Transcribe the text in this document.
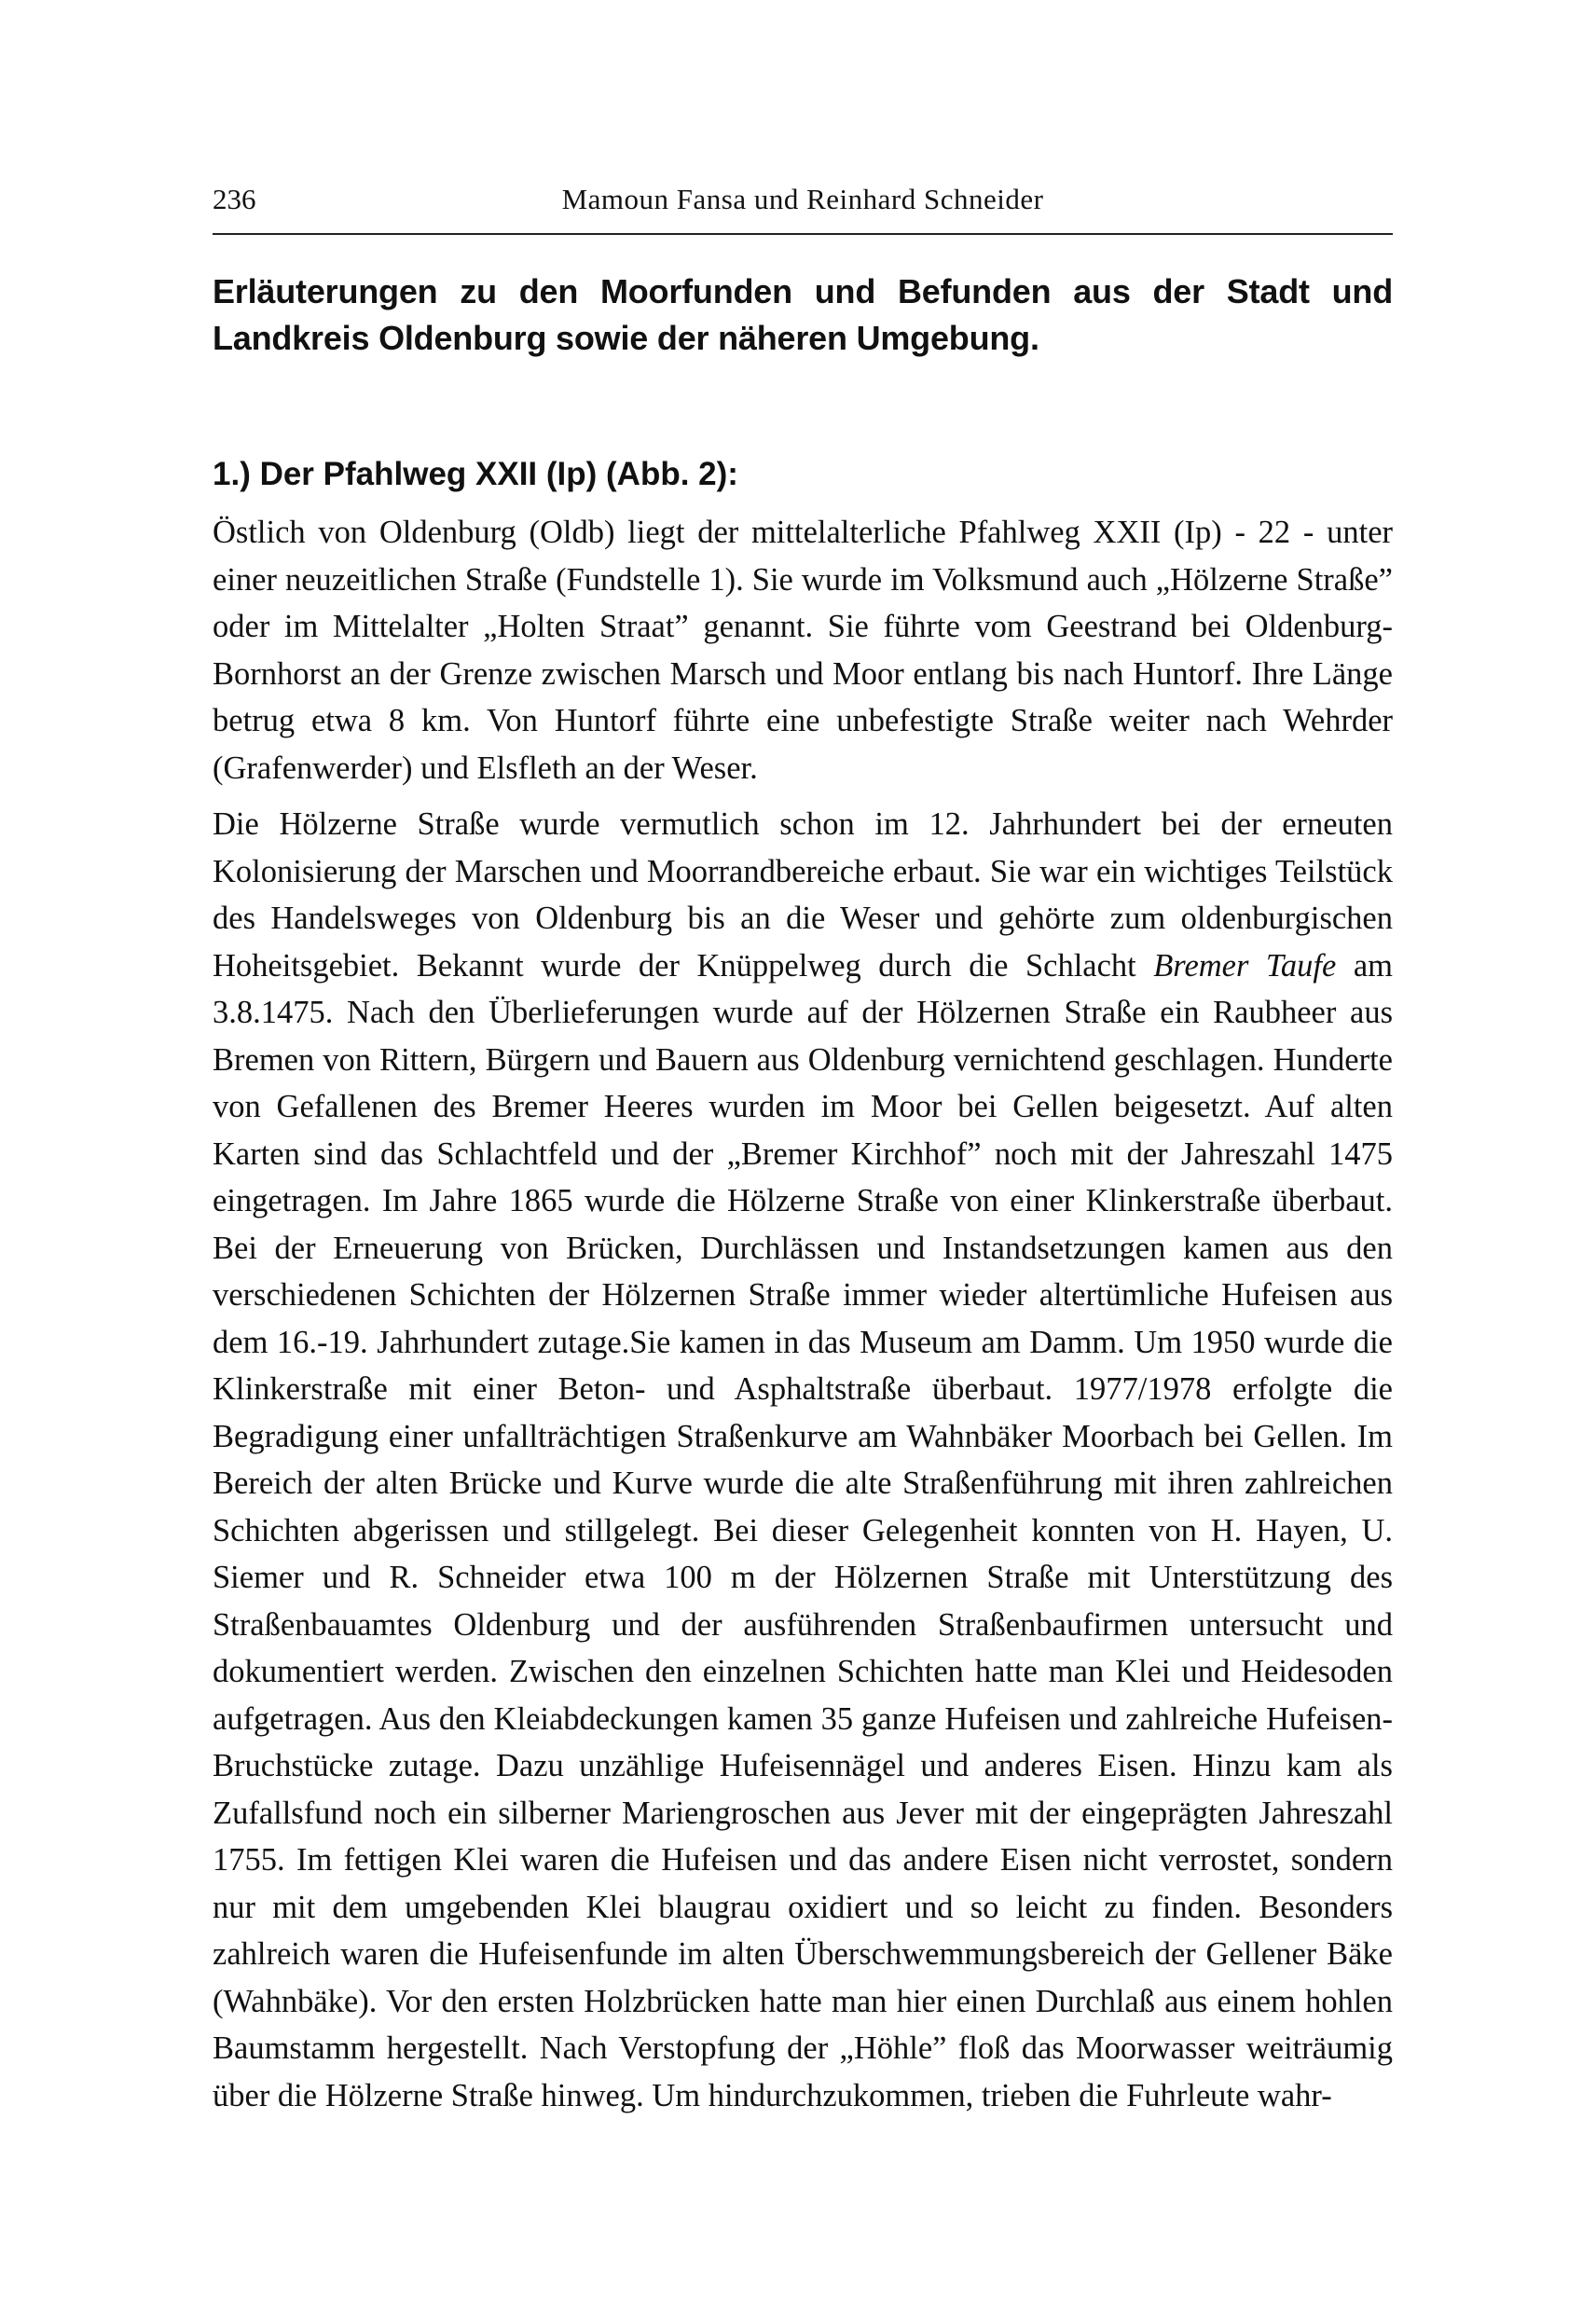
236	Mamoun Fansa und Reinhard Schneider
Erläuterungen zu den Moorfunden und Befunden aus der Stadt und Landkreis Oldenburg sowie der näheren Umgebung.
1.) Der Pfahlweg XXII (Ip) (Abb. 2):

Östlich von Oldenburg (Oldb) liegt der mittelalterliche Pfahlweg XXII (Ip) - 22 - unter einer neuzeitlichen Straße (Fundstelle 1). Sie wurde im Volksmund auch „Hölzerne Straße” oder im Mittelalter „Holten Straat” genannt. Sie führte vom Geestrand bei Oldenburg-Bornhorst an der Grenze zwischen Marsch und Moor entlang bis nach Huntorf. Ihre Länge betrug etwa 8 km. Von Huntorf führte eine unbefestigte Straße weiter nach Wehrder (Grafenwerder) und Elsfleth an der Weser.

Die Hölzerne Straße wurde vermutlich schon im 12. Jahrhundert bei der erneuten Kolonisierung der Marschen und Moorrandbereiche erbaut. Sie war ein wichtiges Teilstück des Handelsweges von Oldenburg bis an die Weser und gehörte zum oldenburgischen Hoheitsgebiet. Bekannt wurde der Knüppelweg durch die Schlacht Bremer Taufe am 3.8.1475. Nach den Überlieferungen wurde auf der Hölzernen Straße ein Raubheer aus Bremen von Rittern, Bürgern und Bauern aus Oldenburg vernichtend geschlagen. Hunderte von Gefallenen des Bremer Heeres wurden im Moor bei Gellen beigesetzt. Auf alten Karten sind das Schlachtfeld und der „Bremer Kirchhof” noch mit der Jahreszahl 1475 eingetragen. Im Jahre 1865 wurde die Hölzerne Straße von einer Klinkerstraße überbaut. Bei der Erneuerung von Brücken, Durchlässen und Instandsetzungen kamen aus den verschiedenen Schichten der Hölzernen Straße immer wieder altertümliche Hufeisen aus dem 16.-19. Jahrhundert zutage.Sie kamen in das Museum am Damm. Um 1950 wurde die Klinkerstraße mit einer Beton- und Asphaltstraße überbaut. 1977/1978 erfolgte die Begradigung einer unfallträchtigen Straßenkurve am Wahnbäker Moorbach bei Gellen. Im Bereich der alten Brücke und Kurve wurde die alte Straßenführung mit ihren zahlreichen Schichten abgerissen und stillgelegt. Bei dieser Gelegenheit konnten von H. Hayen, U. Siemer und R. Schneider etwa 100 m der Hölzernen Straße mit Unterstützung des Straßenbauamtes Oldenburg und der ausführenden Straßenbaufirmen untersucht und dokumentiert werden. Zwischen den einzelnen Schichten hatte man Klei und Heidesoden aufgetragen. Aus den Kleiabdeckungen kamen 35 ganze Hufeisen und zahlreiche Hufeisen-Bruchstücke zutage. Dazu unzählige Hufeisennägel und anderes Eisen. Hinzu kam als Zufallsfund noch ein silberner Mariengroschen aus Jever mit der eingeprägten Jahreszahl 1755. Im fettigen Klei waren die Hufeisen und das andere Eisen nicht verrostet, sondern nur mit dem umgebenden Klei blaugrau oxidiert und so leicht zu finden. Besonders zahlreich waren die Hufeisenfunde im alten Überschwemmungsbereich der Gellener Bäke (Wahnbäke). Vor den ersten Holzbrücken hatte man hier einen Durchlaß aus einem hohlen Baumstamm hergestellt. Nach Verstopfung der „Höhle” floß das Moorwasser weiträumig über die Hölzerne Straße hinweg. Um hindurchzukommen, trieben die Fuhrleute wahr-
